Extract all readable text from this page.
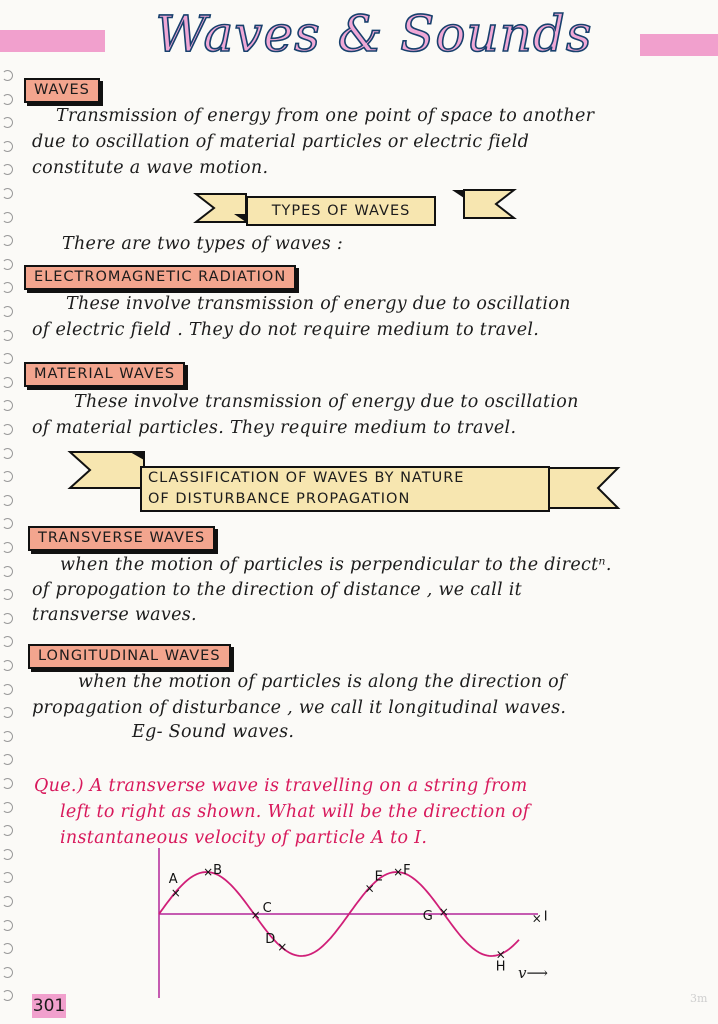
Waves & Sounds
WAVES
Transmission of energy from one point of space to another
due to oscillation of material particles or electric field
constitute a wave motion.
TYPES OF WAVES
There are two types of waves :
ELECTROMAGNETIC RADIATION
These involve transmission of energy due to oscillation
of electric field . They do not require medium to travel.
MATERIAL WAVES
These involve transmission of energy due to oscillation
of material particles. They require medium to travel.
CLASSIFICATION OF WAVES BY NATURE
OF DISTURBANCE PROPAGATION
TRANSVERSE WAVES
when the motion of particles is perpendicular to the directⁿ.
of propogation to the direction of distance , we call it
transverse waves.
LONGITUDINAL WAVES
when the motion of particles is along the direction of
propagation of disturbance , we call it longitudinal waves.
Eg- Sound waves.
Que.) A transverse wave is travelling on a string from
left to right as shown. What will be the direction of
instantaneous velocity of particle A to I.
×
A
× B
× C
×
D
×
E × F
×
G
×
H
× I
v⟶
301	3m
